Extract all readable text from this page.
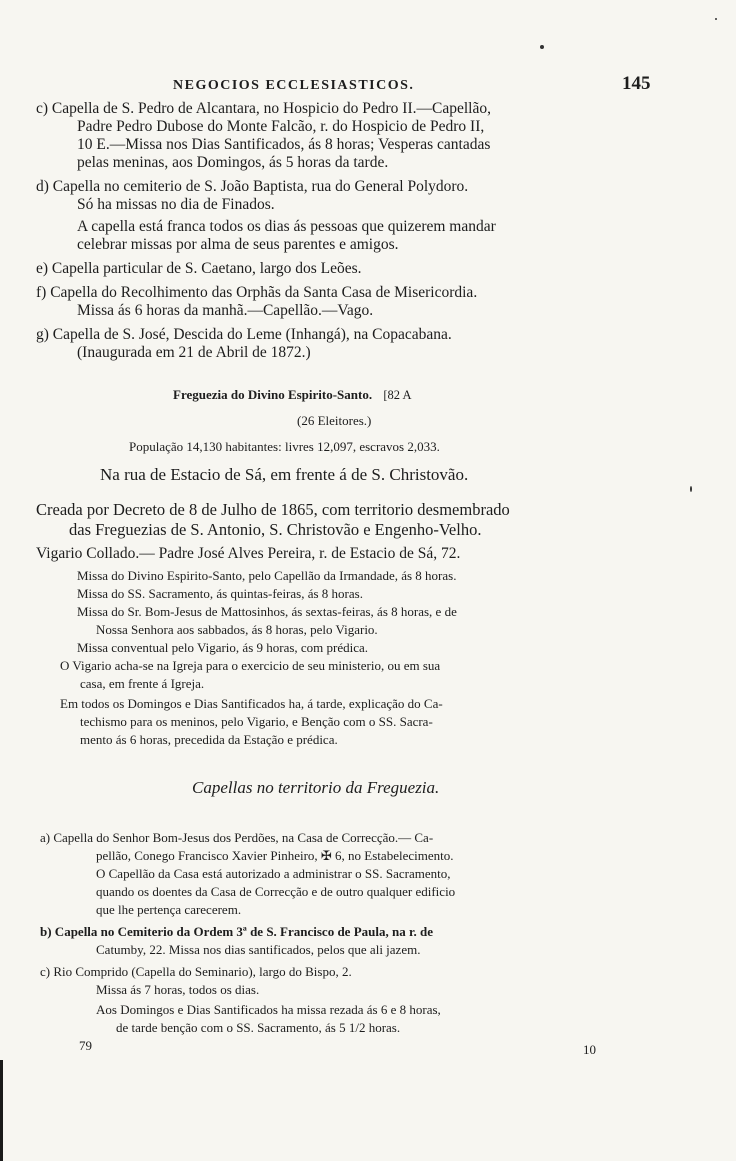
NEGOCIOS ECCLESIASTICOS.	145

c) Capella de S. Pedro de Alcantara, no Hospicio do Pedro II.—Capellão,

Padre Pedro Dubose do Monte Falcão, r. do Hospicio de Pedro II,

10 E.—Missa nos Dias Santificados, ás 8 horas; Vesperas cantadas

pelas meninas, aos Domingos, ás 5 horas da tarde.

d) Capella no cemiterio de S. João Baptista, rua do General Polydoro.

Só ha missas no dia de Finados.

A capella está franca todos os dias ás pessoas que quizerem mandar

celebrar missas por alma de seus parentes e amigos.

e) Capella particular de S. Caetano, largo dos Leões.

f) Capella do Recolhimento das Orphãs da Santa Casa de Misericordia.

Missa ás 6 horas da manhã.—Capellão.—Vago.

g) Capella de S. José, Descida do Leme (Inhangá), na Copacabana.

(Inaugurada em 21 de Abril de 1872.)

Freguezia do Divino Espirito-Santo. [82 A

(26 Eleitores.)

População 14,130 habitantes: livres 12,097, escravos 2,033.

Na rua de Estacio de Sá, em frente á de S. Christovão.

Creada por Decreto de 8 de Julho de 1865, com territorio desmembrado

das Freguezias de S. Antonio, S. Christovão e Engenho-Velho.

Vigario Collado.— Padre José Alves Pereira, r. de Estacio de Sá, 72.

Missa do Divino Espirito-Santo, pelo Capellão da Irmandade, ás 8 horas.

Missa do SS. Sacramento, ás quintas-feiras, ás 8 horas.

Missa do Sr. Bom-Jesus de Mattosinhos, ás sextas-feiras, ás 8 horas, e de

Nossa Senhora aos sabbados, ás 8 horas, pelo Vigario.

Missa conventual pelo Vigario, ás 9 horas, com prédica.

O Vigario acha-se na Igreja para o exercicio de seu ministerio, ou em sua

casa, em frente á Igreja.

Em todos os Domingos e Dias Santificados ha, á tarde, explicação do Ca-

techismo para os meninos, pelo Vigario, e Benção com o SS. Sacra-

mento ás 6 horas, precedida da Estação e prédica.

Capellas no territorio da Freguezia.

a) Capella do Senhor Bom-Jesus dos Perdões, na Casa de Correcção.— Ca-

pellão, Conego Francisco Xavier Pinheiro, ✠ 6, no Estabelecimento.

O Capellão da Casa está autorizado a administrar o SS. Sacramento,

quando os doentes da Casa de Correcção e de outro qualquer edificio

que lhe pertença carecerem.

b) Capella no Cemiterio da Ordem 3ª de S. Francisco de Paula, na r. de

Catumby, 22. Missa nos dias santificados, pelos que ali jazem.

c) Rio Comprido (Capella do Seminario), largo do Bispo, 2.

Missa ás 7 horas, todos os dias.

Aos Domingos e Dias Santificados ha missa rezada ás 6 e 8 horas,

de tarde benção com o SS. Sacramento, ás 5 1/2 horas.

79	10
